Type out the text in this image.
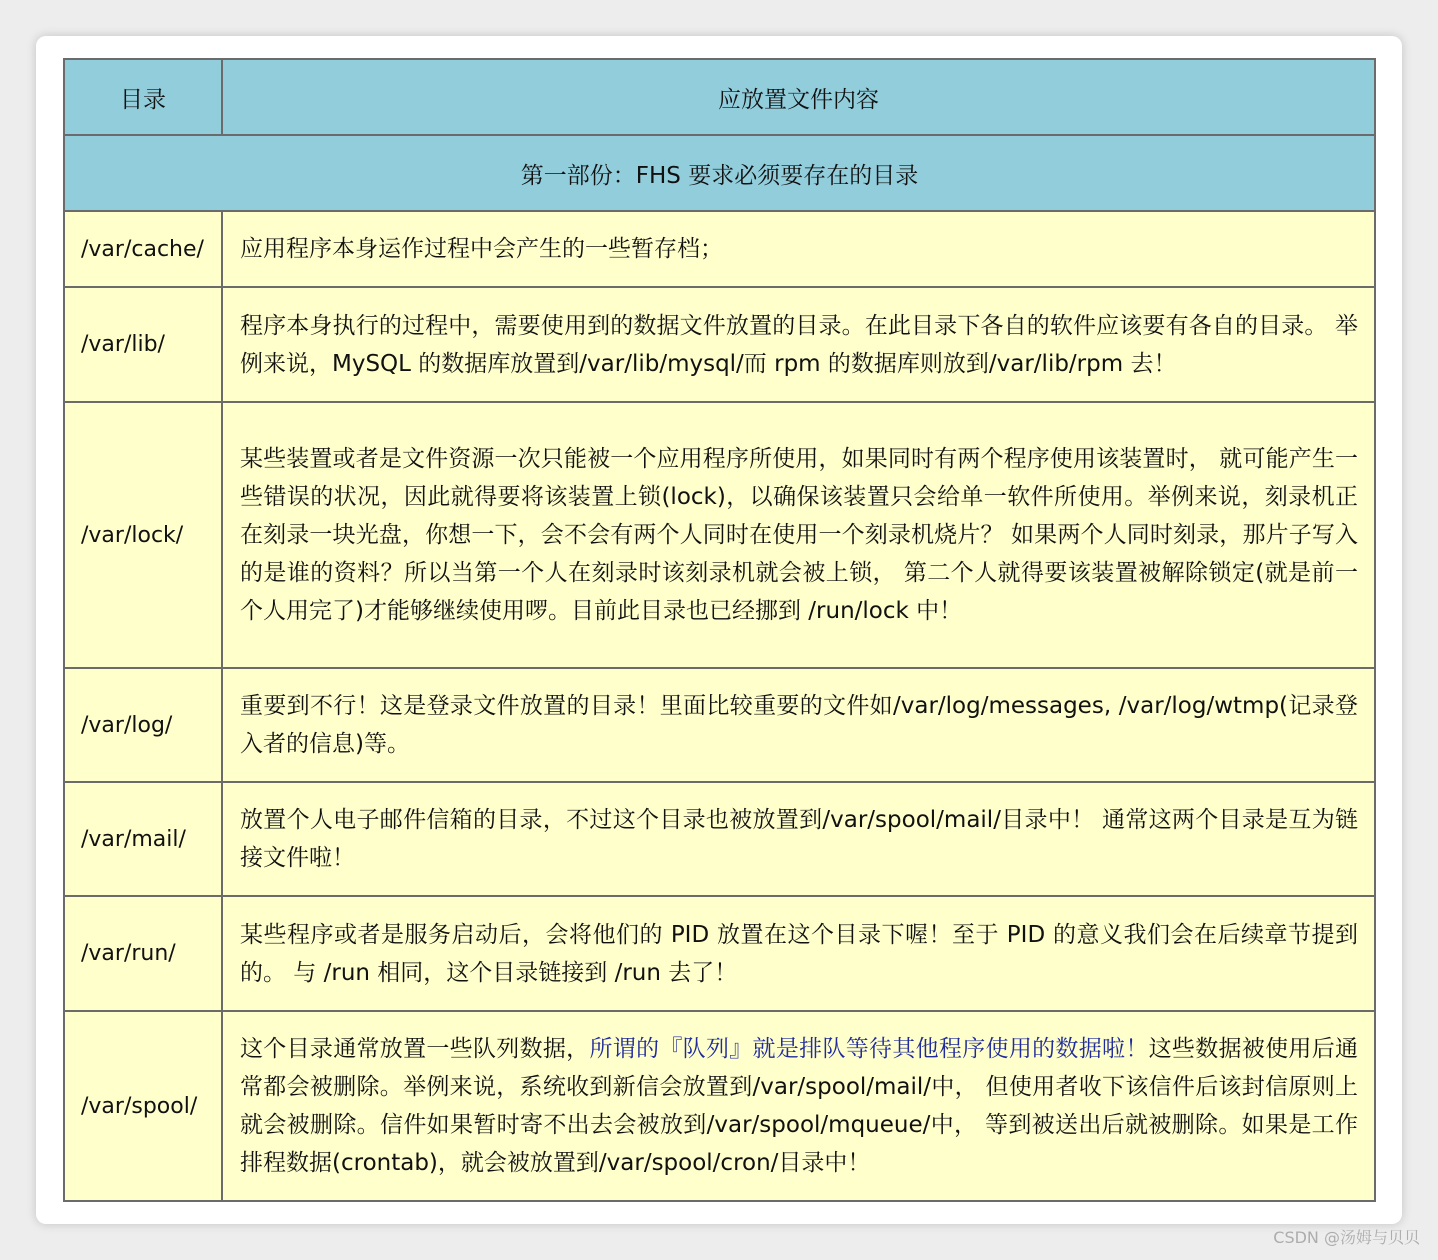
目录	应放置文件内容
第一部份：FHS 要求必须要存在的目录	
/var/cache/	应用程序本身运作过程中会产生的一些暂存档；
/var/lib/	程序本身执行的过程中，需要使用到的数据文件放置的目录。在此目录下各自的软件应该要有各自的目录。 举例来说，MySQL 的数据库放置到/var/lib/mysql/而 rpm 的数据库则放到/var/lib/rpm 去！
/var/lock/	某些装置或者是文件资源一次只能被一个应用程序所使用，如果同时有两个程序使用该装置时， 就可能产生一些错误的状况，因此就得要将该装置上锁(lock)，以确保该装置只会给单一软件所使用。举例来说，刻录机正在刻录一块光盘，你想一下，会不会有两个人同时在使用一个刻录机烧片？ 如果两个人同时刻录，那片子写入的是谁的资料？所以当第一个人在刻录时该刻录机就会被上锁， 第二个人就得要该装置被解除锁定(就是前一个人用完了)才能够继续使用啰。目前此目录也已经挪到 /run/lock 中！
/var/log/	重要到不行！这是登录文件放置的目录！里面比较重要的文件如/var/log/messages, /var/log/wtmp(记录登入者的信息)等。
/var/mail/	放置个人电子邮件信箱的目录，不过这个目录也被放置到/var/spool/mail/目录中！ 通常这两个目录是互为链接文件啦！
/var/run/	某些程序或者是服务启动后，会将他们的 PID 放置在这个目录下喔！至于 PID 的意义我们会在后续章节提到的。 与 /run 相同，这个目录链接到 /run 去了！
/var/spool/	这个目录通常放置一些队列数据，所谓的『队列』就是排队等待其他程序使用的数据啦！这些数据被使用后通常都会被删除。举例来说，系统收到新信会放置到/var/spool/mail/中， 但使用者收下该信件后该封信原则上就会被删除。信件如果暂时寄不出去会被放到/var/spool/mqueue/中， 等到被送出后就被删除。如果是工作排程数据(crontab)，就会被放置到/var/spool/cron/目录中！
CSDN @汤姆与贝贝
